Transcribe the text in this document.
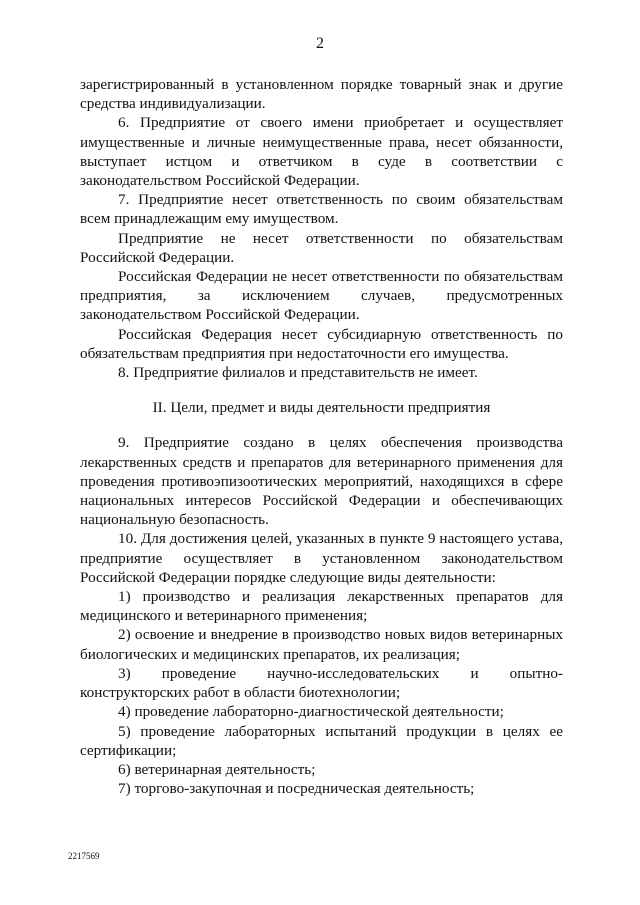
2

зарегистрированный в установленном порядке товарный знак и другие средства индивидуализации.

6. Предприятие от своего имени приобретает и осуществляет имущественные и личные неимущественные права, несет обязанности, выступает истцом и ответчиком в суде в соответствии с законодательством Российской Федерации.

7. Предприятие несет ответственность по своим обязательствам всем принадлежащим ему имуществом.

Предприятие не несет ответственности по обязательствам Российской Федерации.

Российская Федерации не несет ответственности по обязательствам предприятия, за исключением случаев, предусмотренных законодательством Российской Федерации.

Российская Федерация несет субсидиарную ответственность по обязательствам предприятия при недостаточности его имущества.

8. Предприятие филиалов и представительств не имеет.

II. Цели, предмет и виды деятельности предприятия

9. Предприятие создано в целях обеспечения производства лекарственных средств и препаратов для ветеринарного применения для проведения противоэпизоотических мероприятий, находящихся в сфере национальных интересов Российской Федерации и обеспечивающих национальную безопасность.

10. Для достижения целей, указанных в пункте 9 настоящего устава, предприятие осуществляет в установленном законодательством Российской Федерации порядке следующие виды деятельности:

1) производство и реализация лекарственных препаратов для медицинского и ветеринарного применения;

2) освоение и внедрение в производство новых видов ветеринарных биологических и медицинских препаратов, их реализация;

3) проведение научно-исследовательских и опытно-конструкторских работ в области биотехнологии;

4) проведение лабораторно-диагностической деятельности;

5) проведение лабораторных испытаний продукции в целях ее сертификации;

6) ветеринарная деятельность;

7) торгово-закупочная и посредническая деятельность;

2217569
